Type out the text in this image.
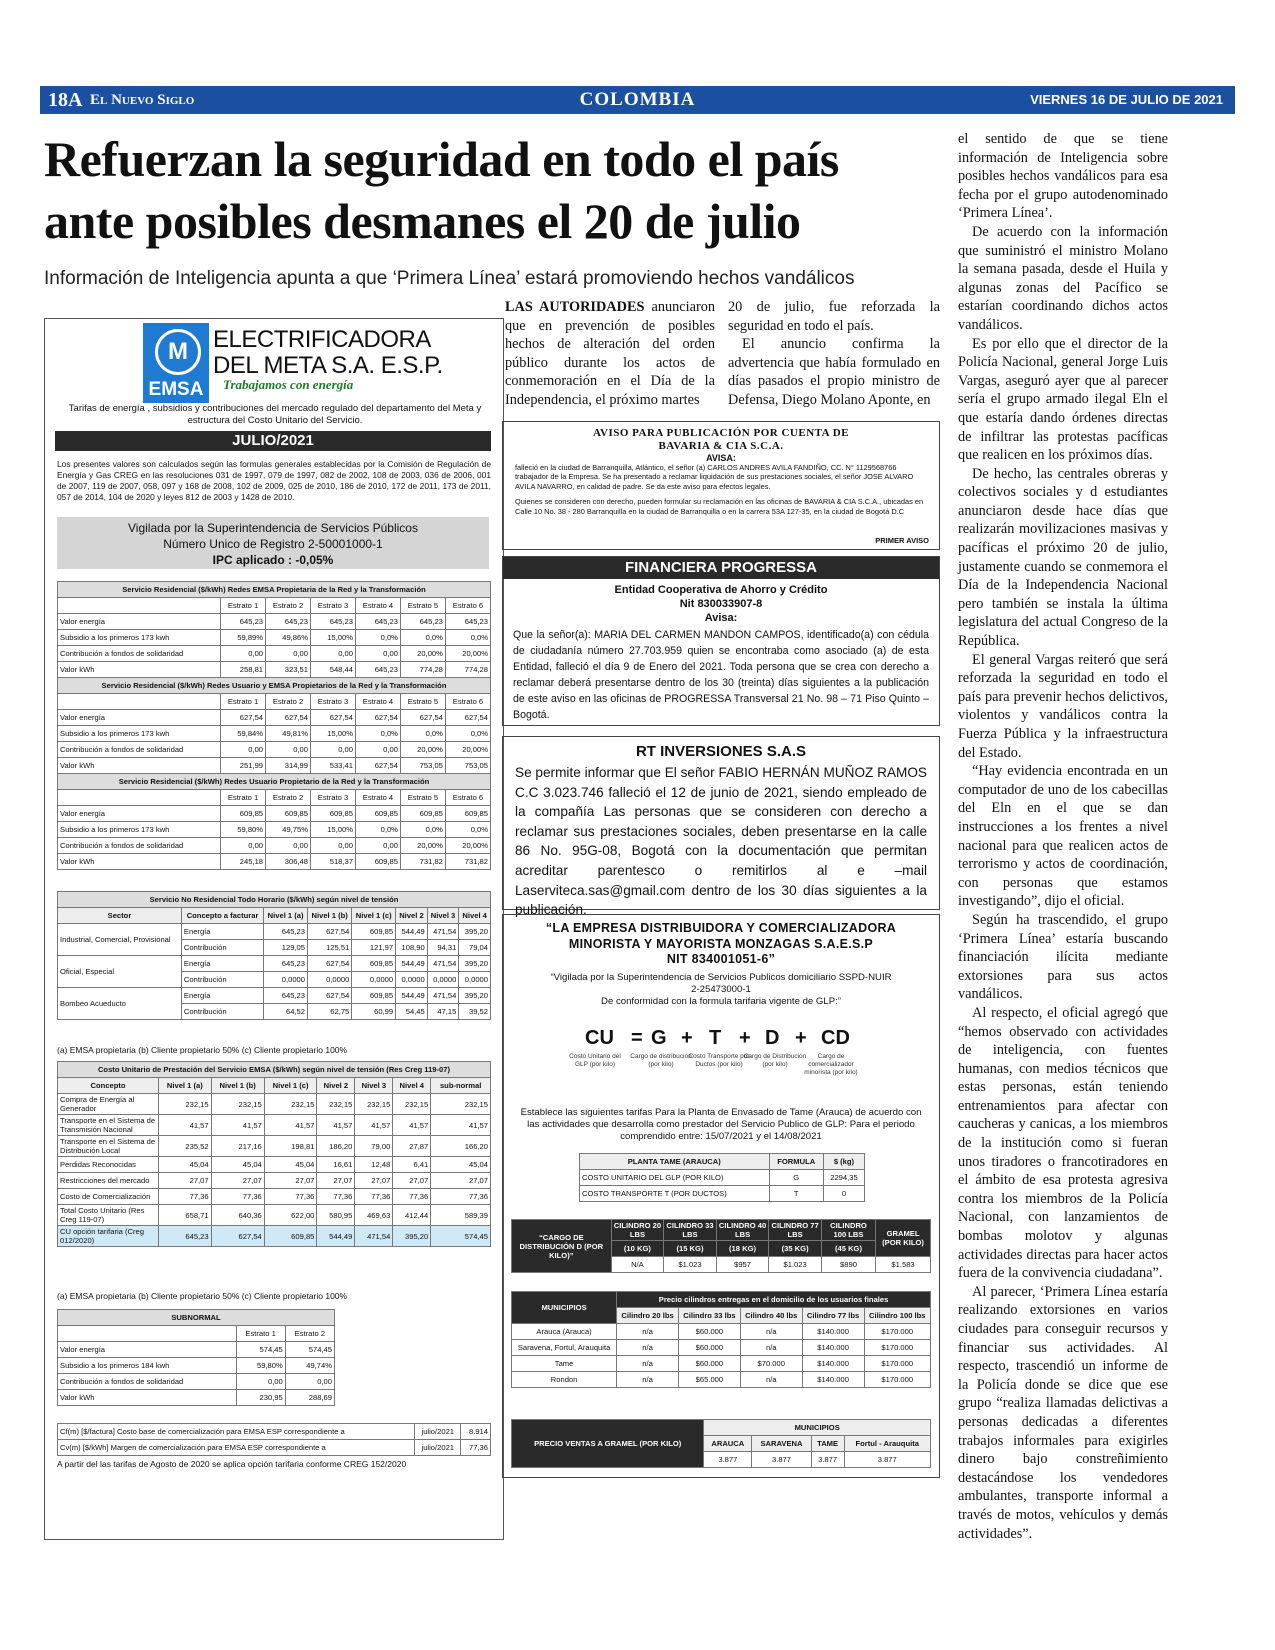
18A El Nuevo Siglo	COLOMBIA	VIERNES 16 DE JULIO DE 2021
Refuerzan la seguridad en todo el país
ante posibles desmanes el 20 de julio
Información de Inteligencia apunta a que ‘Primera Línea’ estará promoviendo hechos vandálicos

LAS AUTORIDADES anunciaron que en prevención de posibles hechos de alteración del orden público durante los actos de conmemoración en el Día de la Independencia, el próximo martes

20 de julio, fue reforzada la seguridad en todo el país.

El anuncio confirma la advertencia que había formulado en días pasados el propio ministro de Defensa, Diego Molano Aponte, en

el sentido de que se tiene información de Inteligencia sobre posibles hechos vandálicos para esa fecha por el grupo autodenominado ‘Primera Línea’.

De acuerdo con la información que suministró el ministro Molano la semana pasada, desde el Huila y algunas zonas del Pacífico se estarían coordinando dichos actos vandálicos.

Es por ello que el director de la Policía Nacional, general Jorge Luis Vargas, aseguró ayer que al parecer sería el grupo armado ilegal Eln el que estaría dando órdenes directas de infiltrar las protestas pacíficas que realicen en los próximos días.

De hecho, las centrales obreras y colectivos sociales y d estudiantes anunciaron desde hace días que realizarán movilizaciones masivas y pacíficas el próximo 20 de julio, justamente cuando se conmemora el Día de la Independencia Nacional pero también se instala la última legislatura del actual Congreso de la República.

El general Vargas reiteró que será reforzada la seguridad en todo el país para prevenir hechos delictivos, violentos y vandálicos contra la Fuerza Pública y la infraestructura del Estado.

“Hay evidencia encontrada en un computador de uno de los cabecillas del Eln en el que se dan instrucciones a los frentes a nivel nacional para que realicen actos de terrorismo y actos de coordinación, con personas que estamos investigando”, dijo el oficial.

Según ha trascendido, el grupo ‘Primera Línea’ estaría buscando financiación ilícita mediante extorsiones para sus actos vandálicos.

Al respecto, el oficial agregó que “hemos observado con actividades de inteligencia, con fuentes humanas, con medios técnicos que estas personas, están teniendo entrenamientos para afectar con caucheras y canicas, a los miembros de la institución como si fueran unos tiradores o francotiradores en el ámbito de esa protesta agresiva contra los miembros de la Policía Nacional, con lanzamientos de bombas molotov y algunas actividades directas para hacer actos fuera de la convivencia ciudadana”.

Al parecer, ‘Primera Línea estaría realizando extorsiones en varios ciudades para conseguir recursos y financiar sus actividades. Al respecto, trascendió un informe de la Policía donde se dice que ese grupo “realiza llamadas delictivas a personas dedicadas a diferentes trabajos informales para exigirles dinero bajo constreñimiento destacándose los vendedores ambulantes, transporte informal a través de motos, vehículos y demás actividades”.

M
EMSA
ELECTRIFICADORA
DEL META S.A. E.S.P.
Trabajamos con energía
Tarifas de energía , subsidios y contribuciones del mercado regulado del departamento del Meta y estructura del Costo Unitario del Servicio.
JULIO/2021
Los presentes valores son calculados según las formulas generales establecidas por la Comisión de Regulación de Energía y Gas CREG en las resoluciones 031 de 1997, 079 de 1997, 082 de 2002, 108 de 2003, 036 de 2006, 001 de 2007, 119 de 2007, 058, 097 y 168 de 2008, 102 de 2009, 025 de 2010, 186 de 2010, 172 de 2011, 173 de 2011, 057 de 2014, 104 de 2020 y leyes 812 de 2003 y 1428 de 2010.
Vigilada por la Superintendencia de Servicios Públicos
Número Unico de Registro 2-50001000-1
IPC aplicado : -0,05%
Servicio Residencial ($/kWh) Redes EMSA Propietaria de la Red y la Transformación						
	Estrato 1	Estrato 2	Estrato 3	Estrato 4	Estrato 5	Estrato 6
Valor energía	645,23	645,23	645,23	645,23	645,23	645,23
Subsidio a los primeros 173 kwh	59,89%	49,86%	15,00%	0,0%	0,0%	0,0%
Contribución a fondos de solidaridad	0,00	0,00	0,00	0,00	20,00%	20,00%
Valor kWh	258,81	323,51	548,44	645,23	774,28	774,28
Servicio Residencial ($/kWh) Redes Usuario y EMSA Propietarios de la Red y la Transformación						
	Estrato 1	Estrato 2	Estrato 3	Estrato 4	Estrato 5	Estrato 6
Valor energía	627,54	627,54	627,54	627,54	627,54	627,54
Subsidio a los primeros 173 kwh	59,84%	49,81%	15,00%	0,0%	0,0%	0,0%
Contribución a fondos de solidaridad	0,00	0,00	0,00	0,00	20,00%	20,00%
Valor kWh	251,99	314,99	533,41	627,54	753,05	753,05
Servicio Residencial ($/kWh) Redes Usuario Propietario de la Red y la Transformación						
	Estrato 1	Estrato 2	Estrato 3	Estrato 4	Estrato 5	Estrato 6
Valor energía	609,85	609,85	609,85	609,85	609,85	609,85
Subsidio a los primeros 173 kwh	59,80%	49,75%	15,00%	0,0%	0,0%	0,0%
Contribución a fondos de solidaridad	0,00	0,00	0,00	0,00	20,00%	20,00%
Valor kWh	245,18	306,48	518,37	609,85	731,82	731,82
Servicio No Residencial Todo Horario ($/kWh) según nivel de tensión							
Sector	Concepto a facturar	Nivel 1 (a)	Nivel 1 (b)	Nivel 1 (c)	Nivel 2	Nivel 3	Nivel 4
Industrial, Comercial, Provisional	Energía	645,23	627,54	609,85	544,49	471,54	395,20
	Contribución	129,05	125,51	121,97	108,90	94,31	79,04
Oficial, Especial	Energía	645,23	627,54	609,85	544,49	471,54	395,20
	Contribución	0,0000	0,0000	0,0000	0,0000	0,0000	0,0000
Bombeo Acueducto	Energía	645,23	627,54	609,85	544,49	471,54	395,20
	Contribución	64,52	62,75	60,99	54,45	47,15	39,52
(a) EMSA propietaria (b) Cliente propietario 50% (c) Cliente propietario 100%
Costo Unitario de Prestación del Servicio EMSA ($/kWh) según nivel de tensión (Res Creg 119-07)							
Concepto	Nivel 1 (a)	Nivel 1 (b)	Nivel 1 (c)	Nivel 2	Nivel 3	Nivel 4	sub-normal
Compra de Energía al Generador	232,15	232,15	232,15	232,15	232,15	232,15	232,15
Transporte en el Sistema de Transmisión Nacional	41,57	41,57	41,57	41,57	41,57	41,57	41,57
Transporte en el Sistema de Distribución Local	235,52	217,16	198,81	186,20	79,00	27,87	166,20
Perdidas Reconocidas	45,04	45,04	45,04	16,61	12,48	6,41	45,04
Restricciones del mercado	27,07	27,07	27,07	27,07	27,07	27,07	27,07
Costo de Comercialización	77,36	77,36	77,36	77,36	77,36	77,36	77,36
Total Costo Unitario (Res Creg 119-07)	658,71	640,36	622,00	580,95	469,63	412,44	589,39
CU opción tarifaria (Creg 012/2020)	645,23	627,54	609,85	544,49	471,54	395,20	574,45
(a) EMSA propietaria (b) Cliente propietario 50% (c) Cliente propietario 100%
SUBNORMAL		
	Estrato 1	Estrato 2
Valor energía	574,45	574,45
Subsidio a los primeros 184 kwh	59,80%	49,74%
Contribución a fondos de solidaridad	0,00	0,00
Valor kWh	230,95	288,69
Cf(m) [$/factura] Costo base de comercialización para EMSA ESP correspondiente a	julio/2021	8.914
Cv(m) [$/kWh] Margen de comercialización para EMSA ESP correspondiente a	julio/2021	77,36
A partir del las tarifas de Agosto de 2020 se aplica opción tarifaria conforme CREG 152/2020
AVISO PARA PUBLICACIÓN POR CUENTA DE
BAVARIA & CIA S.C.A.
AVISA:
falleció en la ciudad de Barranquilla, Atlántico, el señor (a) CARLOS ANDRES AVILA FANDIÑO, CC. N° 1129568766 trabajador de la Empresa. Se ha presentado a reclamar liquidación de sus prestaciones sociales, el señor JOSE ALVARO AVILA NAVARRO, en calidad de padre. Se da este aviso para efectos legales.
Quienes se consideren con derecho, pueden formular su reclamación en las oficinas de BAVARIA & CIA S.C.A., ubicadas en Calle 10 No. 38 - 280 Barranquilla en la ciudad de Barranquilla o en la carrera 53A 127-35, en la ciudad de Bogotá D.C
PRIMER AVISO
FINANCIERA PROGRESSA
Entidad Cooperativa de Ahorro y Crédito
Nit 830033907-8
Avisa:
Que la señor(a): MARIA DEL CARMEN MANDON CAMPOS, identificado(a) con cédula de ciudadanía número 27.703.959 quien se encontraba como asociado (a) de esta Entidad, falleció el día 9 de Enero del 2021. Toda persona que se crea con derecho a reclamar deberá presentarse dentro de los 30 (treinta) días siguientes a la publicación de este aviso en las oficinas de PROGRESSA Transversal 21 No. 98 – 71 Piso Quinto – Bogotá.
RT INVERSIONES S.A.S
Se permite informar que El señor FABIO HERNÁN MUÑOZ RAMOS C.C 3.023.746 falleció el 12 de junio de 2021, siendo empleado de la compañía Las personas que se consideren con derecho a reclamar sus prestaciones sociales, deben presentarse en la calle 86 No. 95G-08, Bogotá con la documentación que permitan acreditar parentesco o remitirlos al e –mail Laserviteca.sas@gmail.com dentro de los 30 días siguientes a la publicación.
“LA EMPRESA DISTRIBUIDORA Y COMERCIALIZADORA
MINORISTA Y MAYORISTA MONZAGAS S.A.E.S.P
NIT 834001051-6”
“Vigilada por la Superintendencia de Servicios Publicos domiciliario SSPD-NUIR
2-25473000-1
De conformidad con la formula tarifaria vigente de GLP:”
CU
Costo Unitario del GLP (por kilo)
= G
Cargo de distribución (por kilo)
+ T
Costo Transporte por Ductos (por kilo)
+ D
Cargo de Distribución (por kilo)
+ CD
Cargo de comercializador minorista (por kilo)
Establece las siguientes tarifas Para la Planta de Envasado de Tame (Arauca) de acuerdo con las actividades que desarrolla como prestador del Servicio Publico de GLP: Para el periodo comprendido entre: 15/07/2021 y el 14/08/2021
PLANTA TAME (ARAUCA)	FORMULA	$ (kg)
COSTO UNITARIO DEL GLP (POR KILO)	G	2294,35
COSTO TRANSPORTE T (POR DUCTOS)	T	0
“CARGO DE DISTRIBUCIÓN D (POR KILO)”	CILINDRO 20 LBS	CILINDRO 33 LBS	CILINDRO 40 LBS	CILINDRO 77 LBS	CILINDRO 100 LBS	GRAMEL (POR KILO)
	(10 KG)	(15 KG)	(18 KG)	(35 KG)	(45 KG)	
	N/A	$1.023	$957	$1.023	$890	$1.583
MUNICIPIOS	Precio cilindros entregas en el domicilio de los usuarios finales				
	Cilindro 20 lbs	Cilindro 33 lbs	Cilindro 40 lbs	Cilindro 77 lbs	Cilindro 100 lbs
Arauca (Arauca)	n/a	$60.000	n/a	$140.000	$170.000
Saravena, Fortul, Arauquita	n/a	$60.000	n/a	$140.000	$170.000
Tame	n/a	$60.000	$70.000	$140.000	$170.000
Rondon	n/a	$65.000	n/a	$140.000	$170.000
PRECIO VENTAS A GRAMEL (POR KILO)	MUNICIPIOS			
	ARAUCA	SARAVENA	TAME	Fortul - Arauquita
	3.877	3.877	3.877	3.877
